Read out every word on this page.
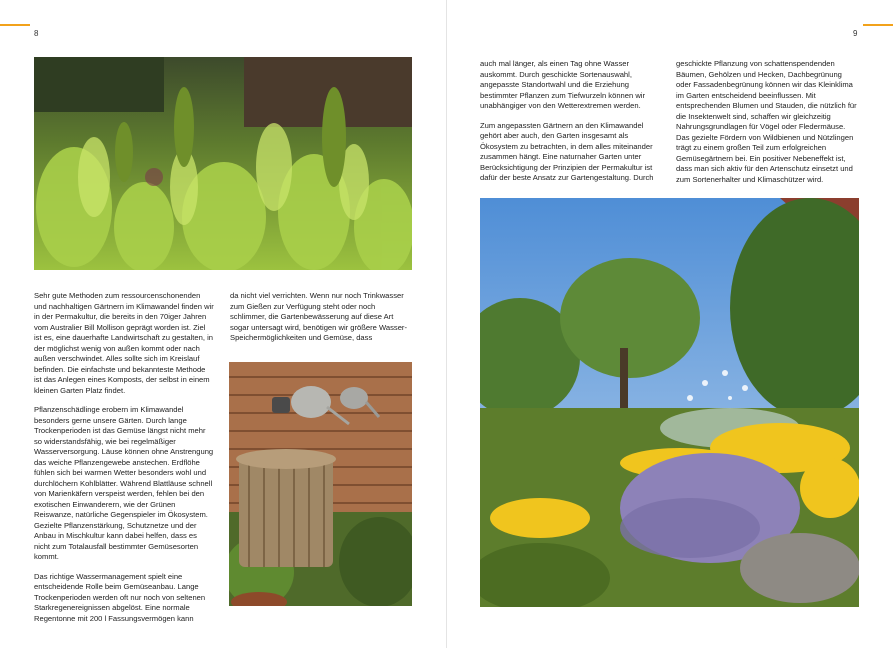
8	9

Sehr gute Methoden zum ressourcenschonenden und nachhaltigen Gärtnern im Klimawandel finden wir in der Permakultur, die bereits in den 70iger Jahren vom Australier Bill Mollison geprägt worden ist. Ziel ist es, eine dauerhafte Landwirtschaft zu gestalten, in der möglichst wenig von außen kommt oder nach außen verschwindet. Alles sollte sich im Kreislauf befinden. Die einfachste und bekannteste Methode ist das Anlegen eines Komposts, der selbst in einem kleinen Garten Platz findet.

Pflanzenschädlinge erobern im Klimawandel besonders gerne unsere Gärten. Durch lange Trockenperioden ist das Gemüse längst nicht mehr so widerstandsfähig, wie bei regelmäßiger Wasserversorgung. Läuse können ohne Anstrengung das weiche Pflanzengewebe anstechen. Erdflöhe fühlen sich bei warmen Wetter besonders wohl und durchlöchern Kohlblätter. Während Blattläuse schnell von Marienkäfern verspeist werden, fehlen bei den exotischen Einwanderern, wie der Grünen Reiswanze, natürliche Gegenspieler im Ökosystem. Gezielte Pflanzenstärkung, Schutznetze und der Anbau in Mischkultur kann dabei helfen, dass es nicht zum Totalausfall bestimmter Gemüsesorten kommt.

Das richtige Wassermanagement spielt eine entscheidende Rolle beim Gemüseanbau. Lange Trockenperioden werden oft nur noch von seltenen Starkregenereignissen abgelöst. Eine normale Regentonne mit 200 l Fassungsvermögen kann

da nicht viel verrichten. Wenn nur noch Trinkwasser zum Gießen zur Verfügung steht oder noch schlimmer, die Gartenbewässerung auf diese Art sogar untersagt wird, benötigen wir größere Wasser-Speichermöglichkeiten und Gemüse, dass

auch mal länger, als einen Tag ohne Wasser auskommt. Durch geschickte Sortenauswahl, angepasste Standortwahl und die Erziehung bestimmter Pflanzen zum Tiefwurzeln können wir unabhängiger von den Wetterextremen werden.

Zum angepassten Gärtnern an den Klimawandel gehört aber auch, den Garten insgesamt als Ökosystem zu betrachten, in dem alles miteinander zusammen hängt. Eine naturnaher Garten unter Berücksichtigung der Prinzipien der Permakultur ist dafür der beste Ansatz zur Gartengestaltung. Durch

geschickte Pflanzung von schattenspendenden Bäumen, Gehölzen und Hecken, Dachbegrünung oder Fassadenbegrünung können wir das Kleinklima im Garten entscheidend beeinflussen. Mit entsprechenden Blumen und Stauden, die nützlich für die Insektenwelt sind, schaffen wir gleichzeitig Nahrungsgrundlagen für Vögel oder Fledermäuse. Das gezielte Fördern von Wildbienen und Nützlingen trägt zu einem großen Teil zum erfolgreichen Gemüsegärtnern bei. Ein positiver Nebeneffekt ist, dass man sich aktiv für den Artenschutz einsetzt und zum Sortenerhalter und Klimaschützer wird.
